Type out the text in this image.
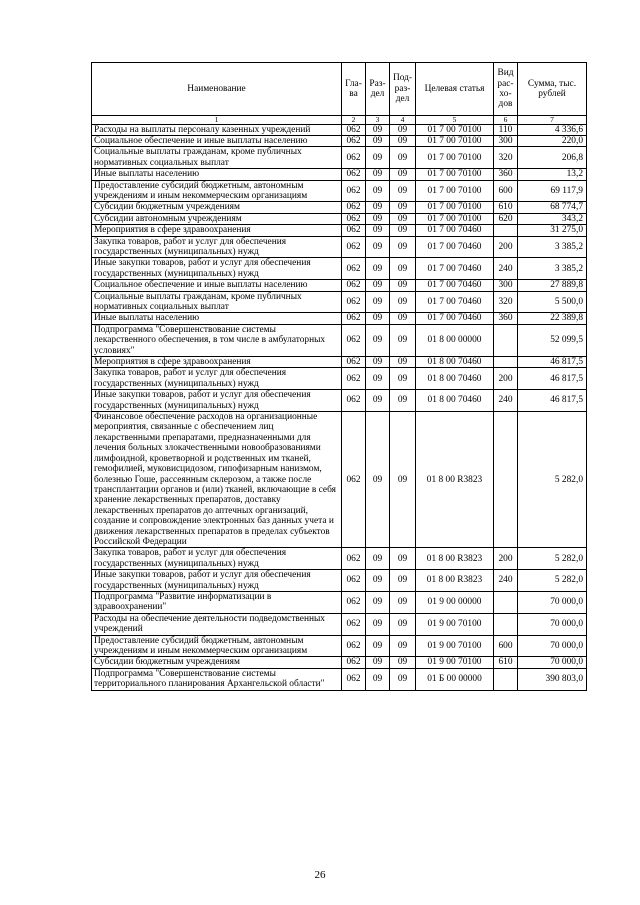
Наименование	Гла-ва	Раз-дел	Под-раз-дел	Целевая статья	Вид рас-хо-дов	Сумма, тыс. рублей
1	2	3	4	5	6	7
Расходы на выплаты персоналу казенных учреждений	062	09	09	01 7 00 70100	110	4 336,6
Социальное обеспечение и иные выплаты населению	062	09	09	01 7 00 70100	300	220,0
Социальные выплаты гражданам, кроме публичных нормативных социальных выплат	062	09	09	01 7 00 70100	320	206,8
Иные выплаты населению	062	09	09	01 7 00 70100	360	13,2
Предоставление субсидий бюджетным, автономным учреждениям и иным некоммерческим организациям	062	09	09	01 7 00 70100	600	69 117,9
Субсидии бюджетным учреждениям	062	09	09	01 7 00 70100	610	68 774,7
Субсидии автономным учреждениям	062	09	09	01 7 00 70100	620	343,2
Мероприятия в сфере здравоохранения	062	09	09	01 7 00 70460		31 275,0
Закупка товаров, работ и услуг для обеспечения государственных (муниципальных) нужд	062	09	09	01 7 00 70460	200	3 385,2
Иные закупки товаров, работ и услуг для обеспечения государственных (муниципальных) нужд	062	09	09	01 7 00 70460	240	3 385,2
Социальное обеспечение и иные выплаты населению	062	09	09	01 7 00 70460	300	27 889,8
Социальные выплаты гражданам, кроме публичных нормативных социальных выплат	062	09	09	01 7 00 70460	320	5 500,0
Иные выплаты населению	062	09	09	01 7 00 70460	360	22 389,8
Подпрограмма "Совершенствование системы лекарственного обеспечения, в том числе в амбулаторных условиях"	062	09	09	01 8 00 00000		52 099,5
Мероприятия в сфере здравоохранения	062	09	09	01 8 00 70460		46 817,5
Закупка товаров, работ и услуг для обеспечения государственных (муниципальных) нужд	062	09	09	01 8 00 70460	200	46 817,5
Иные закупки товаров, работ и услуг для обеспечения государственных (муниципальных) нужд	062	09	09	01 8 00 70460	240	46 817,5
Финансовое обеспечение расходов на организационные мероприятия, связанные с обеспечением лиц лекарственными препаратами, предназначенными для лечения больных злокачественными новообразованиями лимфоидной, кроветворной и родственных им тканей, гемофилией, муковисцидозом, гипофизарным нанизмом, болезнью Гоше, рассеянным склерозом, а также после трансплантации органов и (или) тканей, включающие в себя хранение лекарственных препаратов, доставку лекарственных препаратов до аптечных организаций, создание и сопровождение электронных баз данных учета и движения лекарственных препаратов в пределах субъектов Российской Федерации	062	09	09	01 8 00 R3823		5 282,0
Закупка товаров, работ и услуг для обеспечения государственных (муниципальных) нужд	062	09	09	01 8 00 R3823	200	5 282,0
Иные закупки товаров, работ и услуг для обеспечения государственных (муниципальных) нужд	062	09	09	01 8 00 R3823	240	5 282,0
Подпрограмма "Развитие информатизации в здравоохранении"	062	09	09	01 9 00 00000		70 000,0
Расходы на обеспечение деятельности подведомственных учреждений	062	09	09	01 9 00 70100		70 000,0
Предоставление субсидий бюджетным, автономным учреждениям и иным некоммерческим организациям	062	09	09	01 9 00 70100	600	70 000,0
Субсидии бюджетным учреждениям	062	09	09	01 9 00 70100	610	70 000,0
Подпрограмма "Совершенствование системы территориального планирования Архангельской области"	062	09	09	01 Б 00 00000		390 803,0
26
